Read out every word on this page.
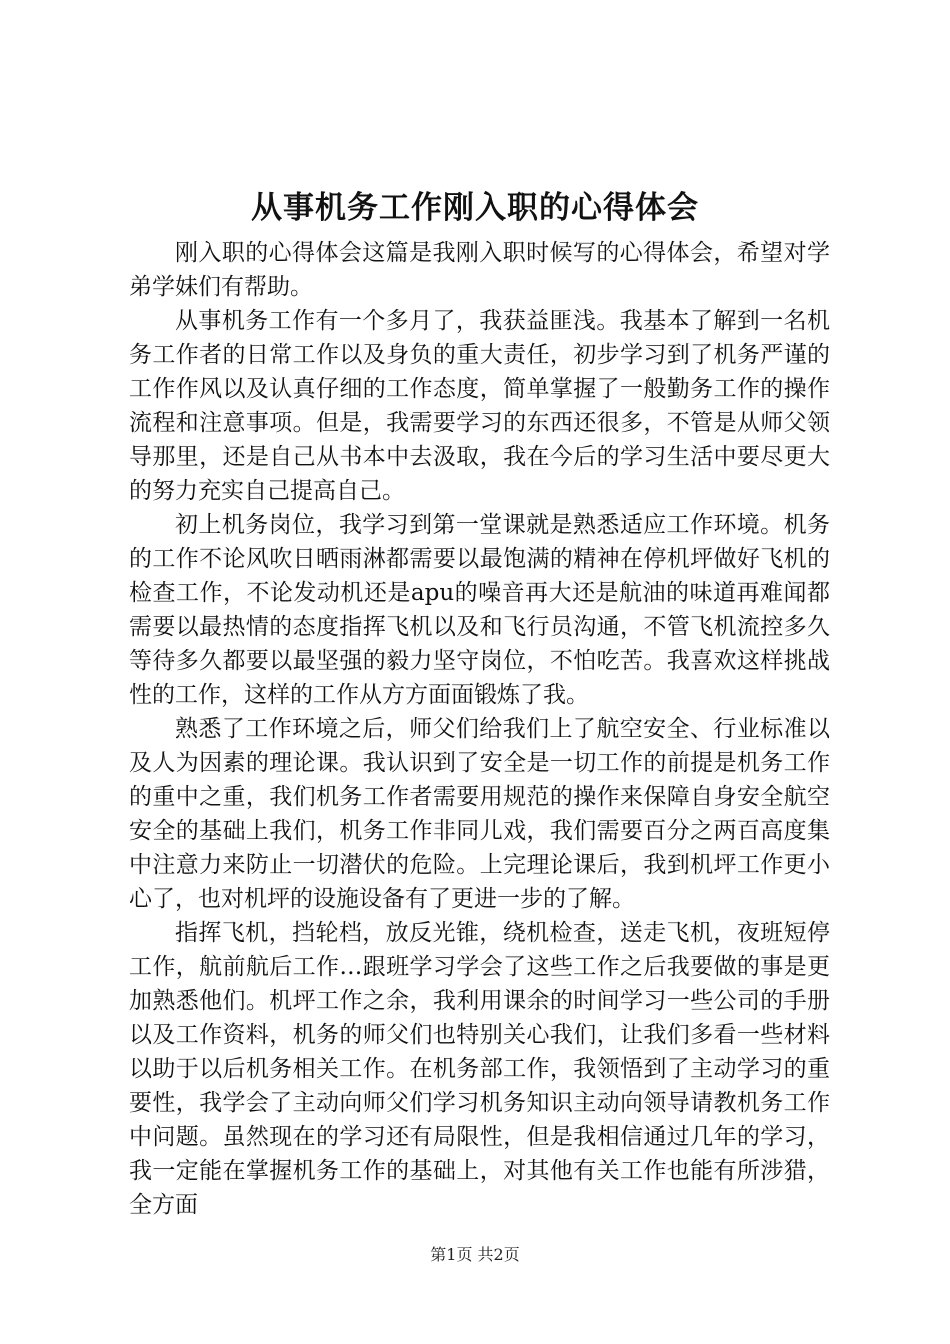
从事机务工作刚入职的心得体会

刚入职的心得体会这篇是我刚入职时候写的心得体会，希望对学弟学妹们有帮助。

从事机务工作有一个多月了，我获益匪浅。我基本了解到一名机务工作者的日常工作以及身负的重大责任，初步学习到了机务严谨的工作作风以及认真仔细的工作态度，简单掌握了一般勤务工作的操作流程和注意事项。但是，我需要学习的东西还很多，不管是从师父领导那里，还是自己从书本中去汲取，我在今后的学习生活中要尽更大的努力充实自己提高自己。

初上机务岗位，我学习到第一堂课就是熟悉适应工作环境。机务的工作不论风吹日晒雨淋都需要以最饱满的精神在停机坪做好飞机的检查工作，不论发动机还是apu的噪音再大还是航油的味道再难闻都需要以最热情的态度指挥飞机以及和飞行员沟通，不管飞机流控多久等待多久都要以最坚强的毅力坚守岗位，不怕吃苦。我喜欢这样挑战性的工作，这样的工作从方方面面锻炼了我。

熟悉了工作环境之后，师父们给我们上了航空安全、行业标准以及人为因素的理论课。我认识到了安全是一切工作的前提是机务工作的重中之重，我们机务工作者需要用规范的操作来保障自身安全航空安全的基础上我们，机务工作非同儿戏，我们需要百分之两百高度集中注意力来防止一切潜伏的危险。上完理论课后，我到机坪工作更小心了，也对机坪的设施设备有了更进一步的了解。

指挥飞机，挡轮档，放反光锥，绕机检查，送走飞机，夜班短停工作，航前航后工作…跟班学习学会了这些工作之后我要做的事是更加熟悉他们。机坪工作之余，我利用课余的时间学习一些公司的手册以及工作资料，机务的师父们也特别关心我们，让我们多看一些材料以助于以后机务相关工作。在机务部工作，我领悟到了主动学习的重要性，我学会了主动向师父们学习机务知识主动向领导请教机务工作中问题。虽然现在的学习还有局限性，但是我相信通过几年的学习，我一定能在掌握机务工作的基础上，对其他有关工作也能有所涉猎，全方面

第1页 共2页
